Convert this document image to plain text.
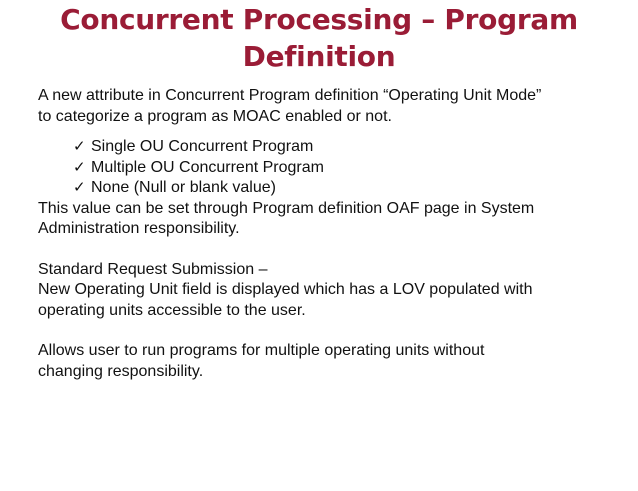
Concurrent Processing – Program
Definition

A new attribute in Concurrent Program definition “Operating Unit Mode”
to categorize a program as MOAC enabled or not.

✓ Single OU Concurrent Program
✓ Multiple OU Concurrent Program
✓ None (Null or blank value)

This value can be set through Program definition OAF page in System
Administration responsibility.

Standard Request Submission –
New Operating Unit field is displayed which has a LOV populated with
operating units accessible to the user.

Allows user to run programs for multiple operating units without
changing responsibility.
